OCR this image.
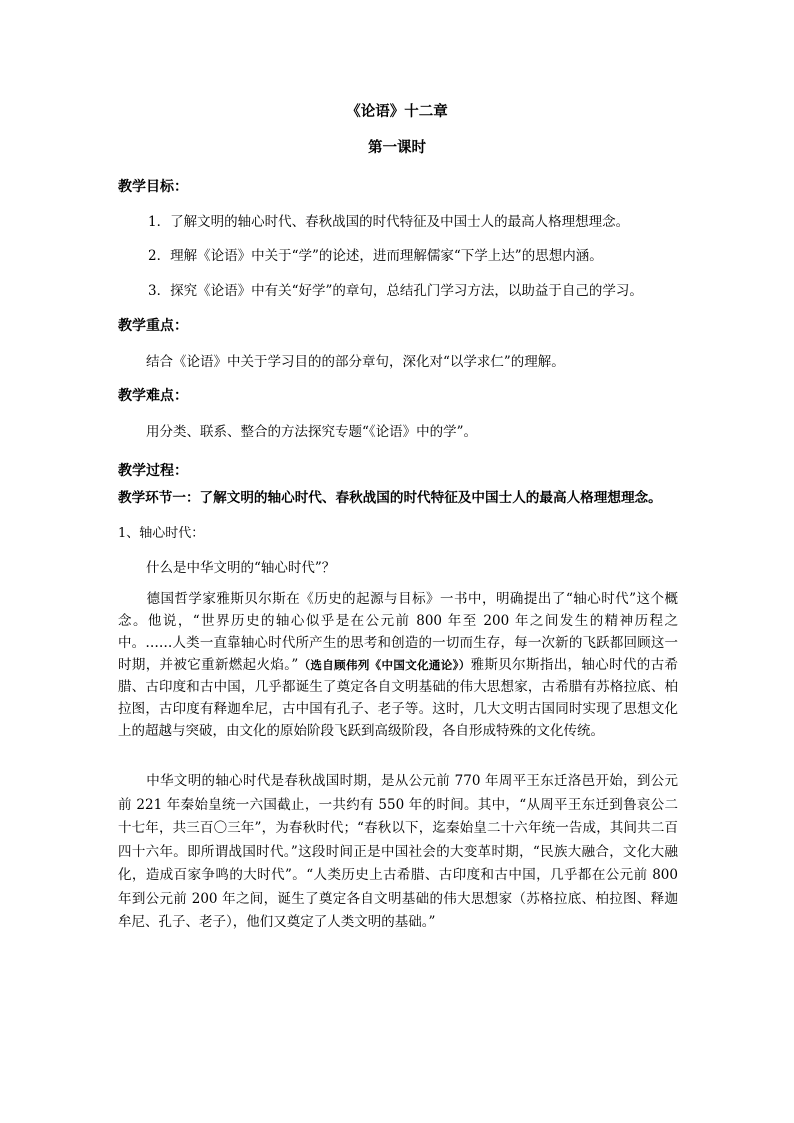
《论语》十二章
第一课时
教学目标：
1．了解文明的轴心时代、春秋战国的时代特征及中国士人的最高人格理想理念。
2．理解《论语》中关于“学”的论述，进而理解儒家“下学上达”的思想内涵。
3．探究《论语》中有关“好学”的章句，总结孔门学习方法，以助益于自己的学习。
教学重点：
结合《论语》中关于学习目的的部分章句，深化对“以学求仁”的理解。
教学难点：
用分类、联系、整合的方法探究专题“《论语》中的学”。
教学过程：
教学环节一：了解文明的轴心时代、春秋战国的时代特征及中国士人的最高人格理想理念。
1、轴心时代：
什么是中华文明的“轴心时代”？
德国哲学家雅斯贝尔斯在《历史的起源与目标》一书中，明确提出了“轴心时代”这个概念。他说，“世界历史的轴心似乎是在公元前 800 年至 200 年之间发生的精神历程之中。……人类一直靠轴心时代所产生的思考和创造的一切而生存，每一次新的飞跃都回顾这一时期，并被它重新燃起火焰。”（选自顾伟列《中国文化通论》）雅斯贝尔斯指出，轴心时代的古希腊、古印度和古中国，几乎都诞生了奠定各自文明基础的伟大思想家，古希腊有苏格拉底、柏拉图，古印度有释迦牟尼，古中国有孔子、老子等。这时，几大文明古国同时实现了思想文化上的超越与突破，由文化的原始阶段飞跃到高级阶段，各自形成特殊的文化传统。
中华文明的轴心时代是春秋战国时期，是从公元前 770 年周平王东迁洛邑开始，到公元前 221 年秦始皇统一六国截止，一共约有 550 年的时间。其中，“从周平王东迁到鲁哀公二十七年，共三百〇三年”，为春秋时代；“春秋以下，迄秦始皇二十六年统一告成，其间共二百四十六年。即所谓战国时代。”这段时间正是中国社会的大变革时期，“民族大融合，文化大融化，造成百家争鸣的大时代”。“人类历史上古希腊、古印度和古中国，几乎都在公元前 800 年到公元前 200 年之间，诞生了奠定各自文明基础的伟大思想家（苏格拉底、柏拉图、释迦牟尼、孔子、老子），他们又奠定了人类文明的基础。”
